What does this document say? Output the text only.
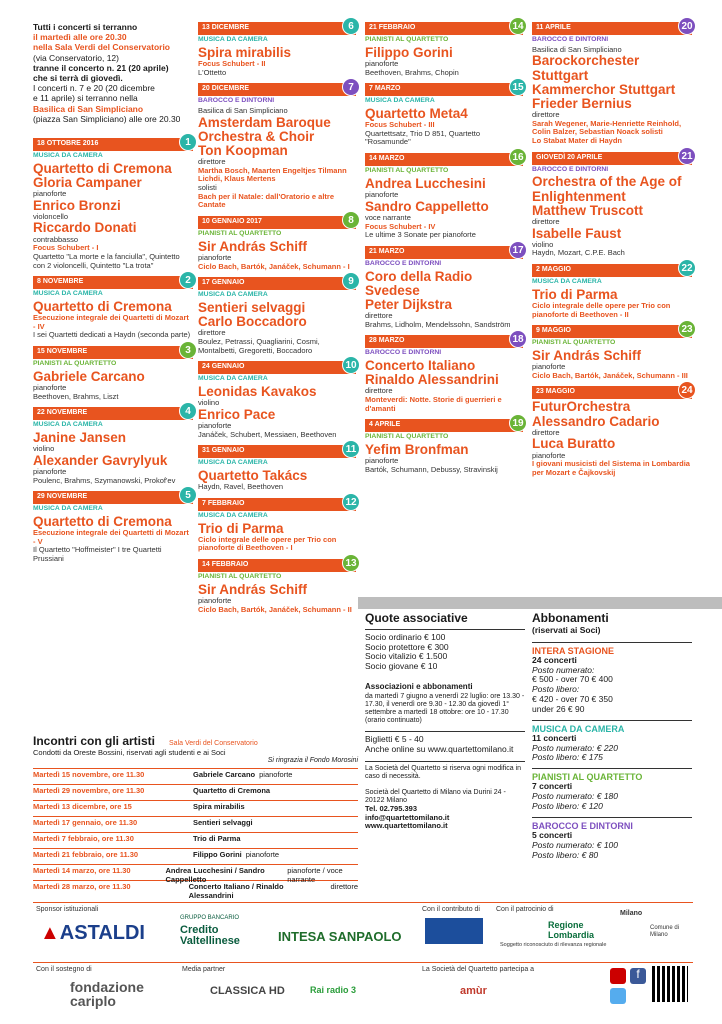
Tutti i concerti si terranno
il martedì alle ore 20.30
nella Sala Verdi del Conservatorio
(via Conservatorio, 12)
tranne il concerto n. 21 (20 aprile)
che si terrà di giovedì.
I concerti n. 7 e 20 (20 dicembre
e 11 aprile) si terranno nella
Basilica di San Simpliciano
(piazza San Simpliciano) alle ore 20.30
18 OTTOBRE 2016	1
MUSICA DA CAMERA
Quartetto di Cremona
Gloria Campaner
pianoforte
Enrico Bronzi
violoncello
Riccardo Donati
contrabbasso
Focus Schubert - I
Quartetto "La morte e la fanciulla", Quintetto con 2 violoncelli, Quintetto "La trota"
8 NOVEMBRE	2
MUSICA DA CAMERA
Quartetto di Cremona
Esecuzione integrale dei Quartetti di Mozart - IV
I sei Quartetti dedicati a Haydn (seconda parte)
15 NOVEMBRE	3
PIANISTI AL QUARTETTO
Gabriele Carcano
pianoforte
Beethoven, Brahms, Liszt
22 NOVEMBRE	4
MUSICA DA CAMERA
Janine Jansen
violino
Alexander Gavrylyuk
pianoforte
Poulenc, Brahms, Szymanowski, Prokof'ev
29 NOVEMBRE	5
MUSICA DA CAMERA
Quartetto di Cremona
Esecuzione integrale dei Quartetti di Mozart - V
Il Quartetto "Hoffmeister" I tre Quartetti Prussiani
13 DICEMBRE	6
MUSICA DA CAMERA
Spira mirabilis
Focus Schubert - II
L'Ottetto
20 DICEMBRE	7
BAROCCO E DINTORNI
Basilica di San Simpliciano
Amsterdam Baroque Orchestra & Choir
Ton Koopman
direttore
Martha Bosch, Maarten Engeltjes Tilmann Lichdi, Klaus Mertens
solisti
Bach per il Natale: dall'Oratorio e altre Cantate
10 GENNAIO 2017	8
PIANISTI AL QUARTETTO
Sir András Schiff
pianoforte
Ciclo Bach, Bartók, Janáček, Schumann - I
17 GENNAIO	9
MUSICA DA CAMERA
Sentieri selvaggi
Carlo Boccadoro
direttore
Boulez, Petrassi, Quagliarini, Cosmi, Montalbetti, Gregoretti, Boccadoro
24 GENNAIO	10
MUSICA DA CAMERA
Leonidas Kavakos
violino
Enrico Pace
pianoforte
Janáček, Schubert, Messiaen, Beethoven
31 GENNAIO	11
MUSICA DA CAMERA
Quartetto Takács
Haydn, Ravel, Beethoven
7 FEBBRAIO	12
MUSICA DA CAMERA
Trio di Parma
Ciclo integrale delle opere per Trio con pianoforte di Beethoven - I
14 FEBBRAIO	13
PIANISTI AL QUARTETTO
Sir András Schiff
pianoforte
Ciclo Bach, Bartók, Janáček, Schumann - II
21 FEBBRAIO	14
PIANISTI AL QUARTETTO
Filippo Gorini
pianoforte
Beethoven, Brahms, Chopin
7 MARZO	15
MUSICA DA CAMERA
Quartetto Meta4
Focus Schubert - III
Quartettsatz, Trio D 851, Quartetto "Rosamunde"
14 MARZO	16
PIANISTI AL QUARTETTO
Andrea Lucchesini
pianoforte
Sandro Cappelletto
voce narrante
Focus Schubert - IV
Le ultime 3 Sonate per pianoforte
21 MARZO	17
BAROCCO E DINTORNI
Coro della Radio Svedese
Peter Dijkstra
direttore
Brahms, Lidholm, Mendelssohn, Sandström
28 MARZO	18
BAROCCO E DINTORNI
Concerto Italiano
Rinaldo Alessandrini
direttore
Monteverdi: Notte. Storie di guerrieri e d'amanti
4 APRILE	19
PIANISTI AL QUARTETTO
Yefim Bronfman
pianoforte
Bartók, Schumann, Debussy, Stravinskij
11 APRILE	20
BAROCCO E DINTORNI
Basilica di San Simpliciano
Barockorchester Stuttgart
Kammerchor Stuttgart
Frieder Bernius
direttore
Sarah Wegener, Marie-Henriette Reinhold, Colin Balzer, Sebastian Noack solisti
Lo Stabat Mater di Haydn
GIOVEDÌ 20 APRILE	21
BAROCCO E DINTORNI
Orchestra of the Age of Enlightenment
Matthew Truscott
direttore
Isabelle Faust
violino
Haydn, Mozart, C.P.E. Bach
2 MAGGIO	22
MUSICA DA CAMERA
Trio di Parma
Ciclo integrale delle opere per Trio con pianoforte di Beethoven - II
9 MAGGIO	23
PIANISTI AL QUARTETTO
Sir András Schiff
pianoforte
Ciclo Bach, Bartók, Janáček, Schumann - III
23 MAGGIO	24
FuturOrchestra
Alessandro Cadario
direttore
Luca Buratto
pianoforte
I giovani musicisti del Sistema in Lombardia per Mozart e Čajkovskij
Incontri con gli artisti Sala Verdi del Conservatorio
Condotti da Oreste Bossini, riservati agli studenti e ai Soci
Si ringrazia il Fondo Morosini
Martedì 15 novembre, ore 11.30	Gabriele Carcano pianoforte
Martedì 29 novembre, ore 11.30	Quartetto di Cremona
Martedì 13 dicembre, ore 15	Spira mirabilis
Martedì 17 gennaio, ore 11.30	Sentieri selvaggi
Martedì 7 febbraio, ore 11.30	Trio di Parma
Martedì 21 febbraio, ore 11.30	Filippo Gorini pianoforte
Martedì 14 marzo, ore 11.30	Andrea Lucchesini / Sandro Cappelletto
pianoforte / voce narrante
Martedì 28 marzo, ore 11.30	Concerto Italiano / Rinaldo Alessandrini
direttore
Quote associative
Socio ordinario € 100
Socio protettore € 300
Socio vitalizio € 1.500
Socio giovane € 10
Associazioni e abbonamenti
da martedì 7 giugno a venerdì 22 luglio: ore 13.30 - 17.30, il venerdì ore 9.30 - 12.30 da giovedì 1° settembre a martedì 18 ottobre: ore 10 - 17.30 (orario continuato)
Biglietti € 5 - 40
Anche online su www.quartettomilano.it
La Società del Quartetto si riserva ogni modifica in caso di necessità.
Società del Quartetto di Milano via Durini 24 - 20122 Milano
Tel. 02.795.393
info@quartettomilano.it
www.quartettomilano.it
Abbonamenti
(riservati ai Soci)
INTERA STAGIONE
24 concerti
Posto numerato:
€ 500 - over 70 € 400
Posto libero:
€ 420 - over 70 € 350
under 26 € 90
MUSICA DA CAMERA
11 concerti
Posto numerato: € 220
Posto libero: € 175
PIANISTI AL QUARTETTO
7 concerti
Posto numerato: € 180
Posto libero: € 120
BAROCCO E DINTORNI
5 concerti
Posto numerato: € 100
Posto libero: € 80
Sponsor istituzionali
▲ASTALDI
GRUPPO BANCARIO
Credito Valtellinese	INTESA SANPAOLO
Con il contributo di Con il patrocinio di
Regione Lombardia
Soggetto riconosciuto di rilevanza regionale
Milano
Comune di Milano
Con il sostegno di
fondazione cariplo
Media partner
CLASSICA HD	Rai radio 3
La Società del Quartetto partecipa a
amùr
f
